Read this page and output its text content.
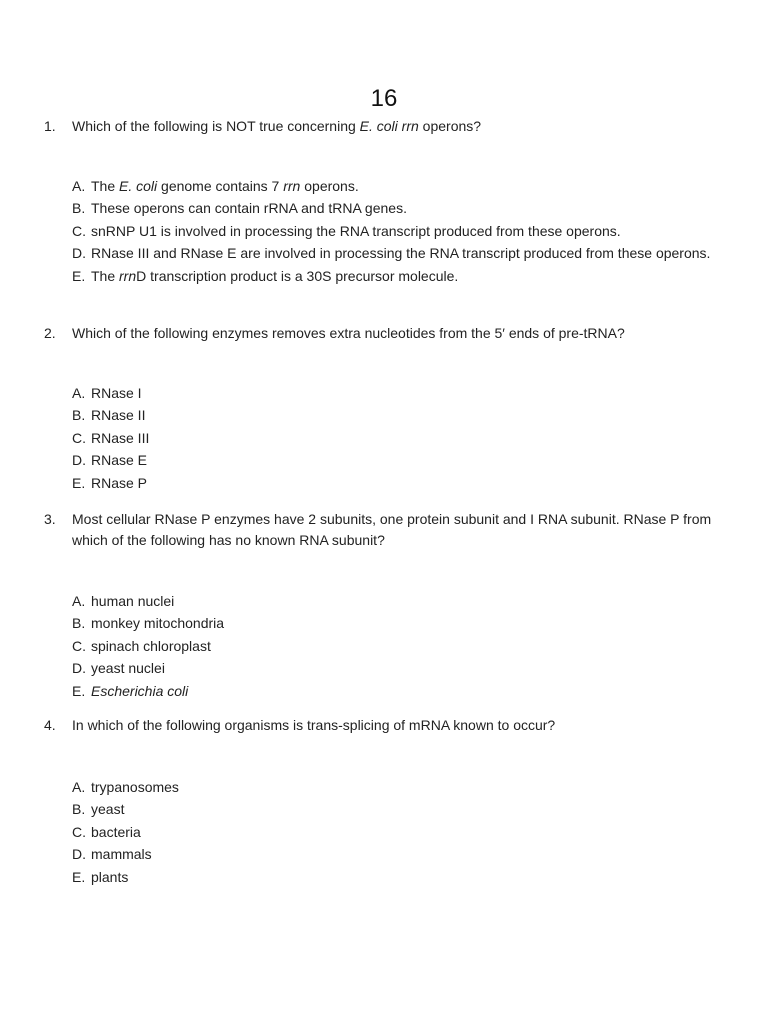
16
1. Which of the following is NOT true concerning E. coli rrn operons?
A. The E. coli genome contains 7 rrn operons.
B. These operons can contain rRNA and tRNA genes.
C. snRNP U1 is involved in processing the RNA transcript produced from these operons.
D. RNase III and RNase E are involved in processing the RNA transcript produced from these operons.
E. The rrnD transcription product is a 30S precursor molecule.
2. Which of the following enzymes removes extra nucleotides from the 5′ ends of pre-tRNA?
A. RNase I
B. RNase II
C. RNase III
D. RNase E
E. RNase P
3. Most cellular RNase P enzymes have 2 subunits, one protein subunit and I RNA subunit. RNase P from which of the following has no known RNA subunit?
A. human nuclei
B. monkey mitochondria
C. spinach chloroplast
D. yeast nuclei
E. Escherichia coli
4. In which of the following organisms is trans-splicing of mRNA known to occur?
A. trypanosomes
B. yeast
C. bacteria
D. mammals
E. plants
